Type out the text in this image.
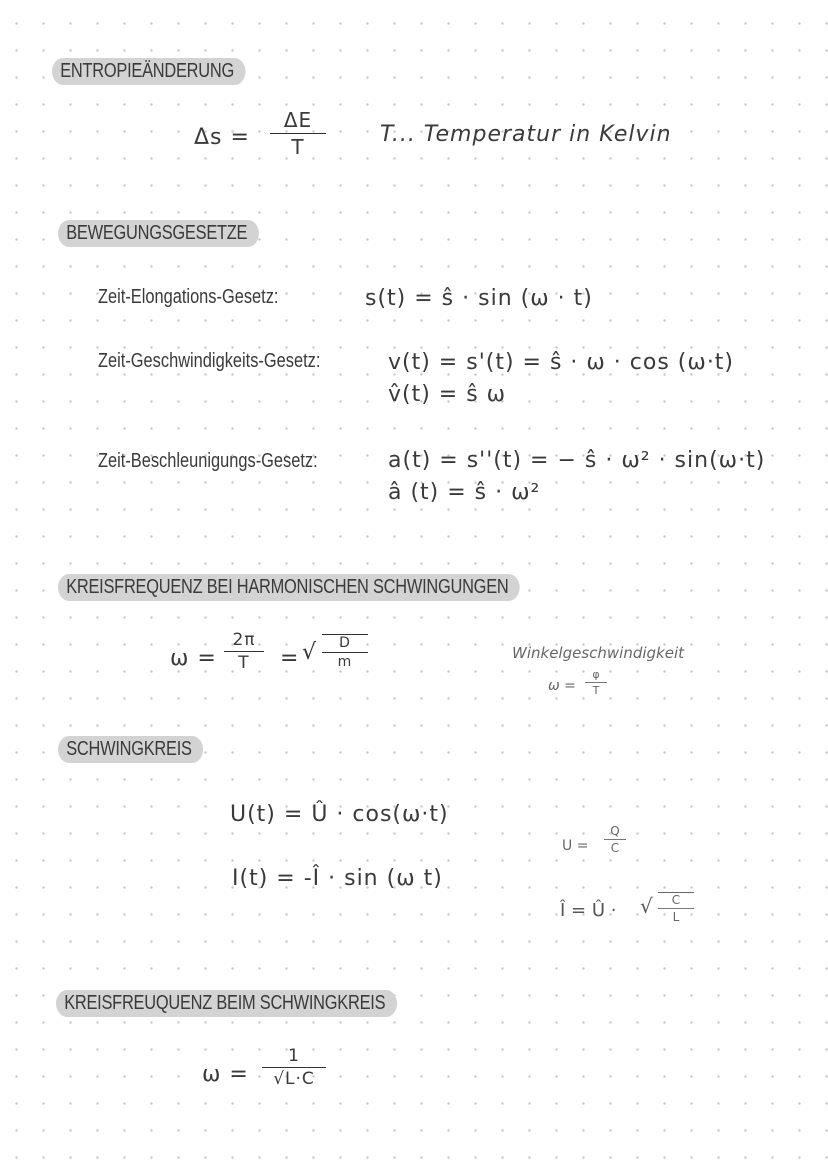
ENTROPIEÄNDERUNG
Δs =
ΔE
T	T... Temperatur in Kelvin
BEWEGUNGSGESETZE
Zeit-Elongations-Gesetz:	s(t) = ŝ · sin (ω · t)
Zeit-Geschwindigkeits-Gesetz:	v(t) = s'(t) = ŝ · ω · cos (ω·t)
v̂(t) = ŝ ω
Zeit-Beschleunigungs-Gesetz:	a(t) = s''(t) = − ŝ · ω² · sin(ω·t)
â (t) = ŝ · ω²
KREISFREQUENZ BEI HARMONISCHEN SCHWINGUNGEN
ω =
2π
T	= √	D
m	Winkelgeschwindigkeit
ω =
φ
T
SCHWINGKREIS
U(t) = Û · cos(ω·t)
I(t) = -Î · sin (ω t)
U =
Q
C
Î = Û · √	C
L
KREISFREUQUENZ BEIM SCHWINGKREIS
ω =
1
√L·C
